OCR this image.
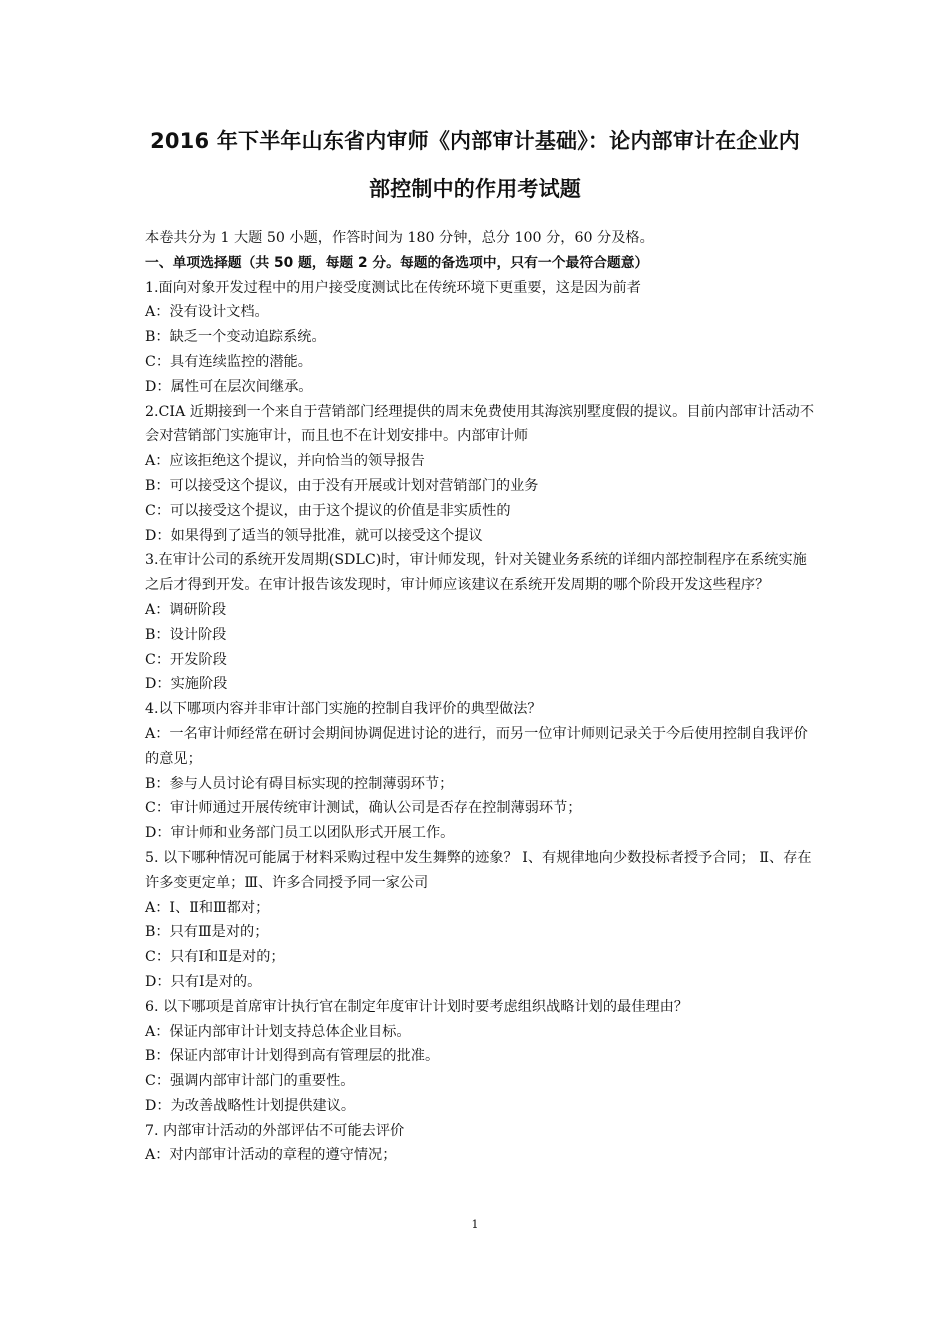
2016 年下半年山东省内审师《内部审计基础》：论内部审计在企业内
部控制中的作用考试题

本卷共分为 1 大题 50 小题，作答时间为 180 分钟，总分 100 分，60 分及格。

一、单项选择题（共 50 题，每题 2 分。每题的备选项中，只有一个最符合题意）

1.面向对象开发过程中的用户接受度测试比在传统环境下更重要，这是因为前者

A：没有设计文档。

B：缺乏一个变动追踪系统。

C：具有连续监控的潜能。

D：属性可在层次间继承。

2.CIA 近期接到一个来自于营销部门经理提供的周末免费使用其海滨别墅度假的提议。目前内部审计活动不会对营销部门实施审计，而且也不在计划安排中。内部审计师

A：应该拒绝这个提议，并向恰当的领导报告

B：可以接受这个提议，由于没有开展或计划对营销部门的业务

C：可以接受这个提议，由于这个提议的价值是非实质性的

D：如果得到了适当的领导批准，就可以接受这个提议

3.在审计公司的系统开发周期(SDLC)时，审计师发现，针对关键业务系统的详细内部控制程序在系统实施之后才得到开发。在审计报告该发现时，审计师应该建议在系统开发周期的哪个阶段开发这些程序？

A：调研阶段

B：设计阶段

C：开发阶段

D：实施阶段

4.以下哪项内容并非审计部门实施的控制自我评价的典型做法？

A：一名审计师经常在研讨会期间协调促进讨论的进行，而另一位审计师则记录关于今后使用控制自我评价的意见；

B：参与人员讨论有碍目标实现的控制薄弱环节；

C：审计师通过开展传统审计测试，确认公司是否存在控制薄弱环节；

D：审计师和业务部门员工以团队形式开展工作。

5. 以下哪种情况可能属于材料采购过程中发生舞弊的迹象？ Ⅰ、有规律地向少数投标者授予合同； Ⅱ、存在许多变更定单；Ⅲ、许多合同授予同一家公司

A：Ⅰ、Ⅱ和Ⅲ都对；

B：只有Ⅲ是对的；

C：只有Ⅰ和Ⅱ是对的；

D：只有Ⅰ是对的。

6. 以下哪项是首席审计执行官在制定年度审计计划时要考虑组织战略计划的最佳理由？

A：保证内部审计计划支持总体企业目标。

B：保证内部审计计划得到高有管理层的批准。

C：强调内部审计部门的重要性。

D：为改善战略性计划提供建议。

7. 内部审计活动的外部评估不可能去评价

A：对内部审计活动的章程的遵守情况；

1
